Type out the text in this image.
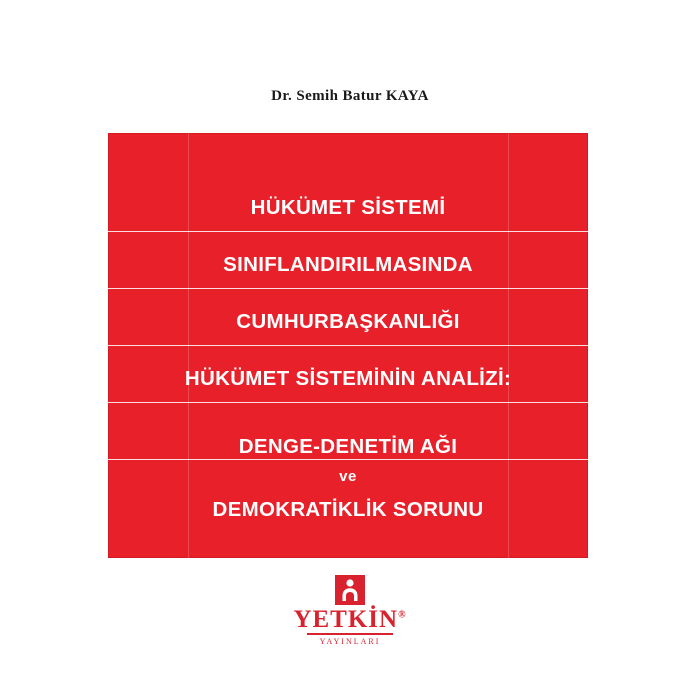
Dr. Semih Batur KAYA
HÜKÜMET SİSTEMİ
SINIFLANDIRILMASINDA
CUMHURBAŞKANLIĞI
HÜKÜMET SİSTEMİNİN ANALİZİ:
DENGE-DENETİM AĞI
ve
DEMOKRATİKLİK SORUNU
YETKİN®
YAYINLARI
